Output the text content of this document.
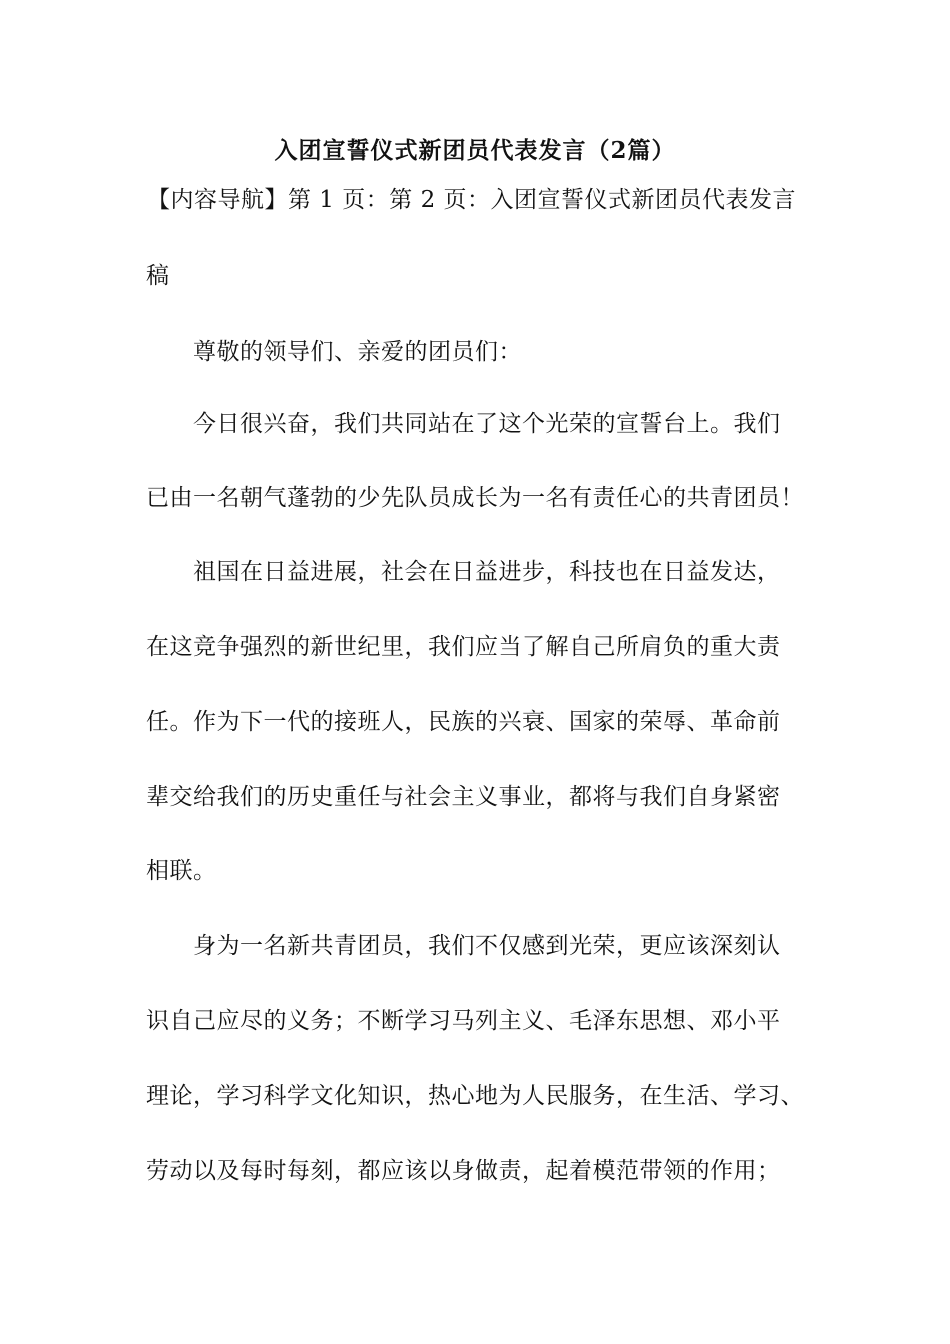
入团宣誓仪式新团员代表发言（2篇）
【内容导航】第 1 页：第 2 页：入团宣誓仪式新团员代表发言
稿
尊敬的领导们、亲爱的团员们：
今日很兴奋，我们共同站在了这个光荣的宣誓台上。我们
已由一名朝气蓬勃的少先队员成长为一名有责任心的共青团员！
祖国在日益进展，社会在日益进步，科技也在日益发达，
在这竞争强烈的新世纪里，我们应当了解自己所肩负的重大责
任。作为下一代的接班人，民族的兴衰、国家的荣辱、革命前
辈交给我们的历史重任与社会主义事业，都将与我们自身紧密
相联。
身为一名新共青团员，我们不仅感到光荣，更应该深刻认
识自己应尽的义务；不断学习马列主义、毛泽东思想、邓小平
理论，学习科学文化知识，热心地为人民服务，在生活、学习、
劳动以及每时每刻，都应该以身做责，起着模范带领的作用；
